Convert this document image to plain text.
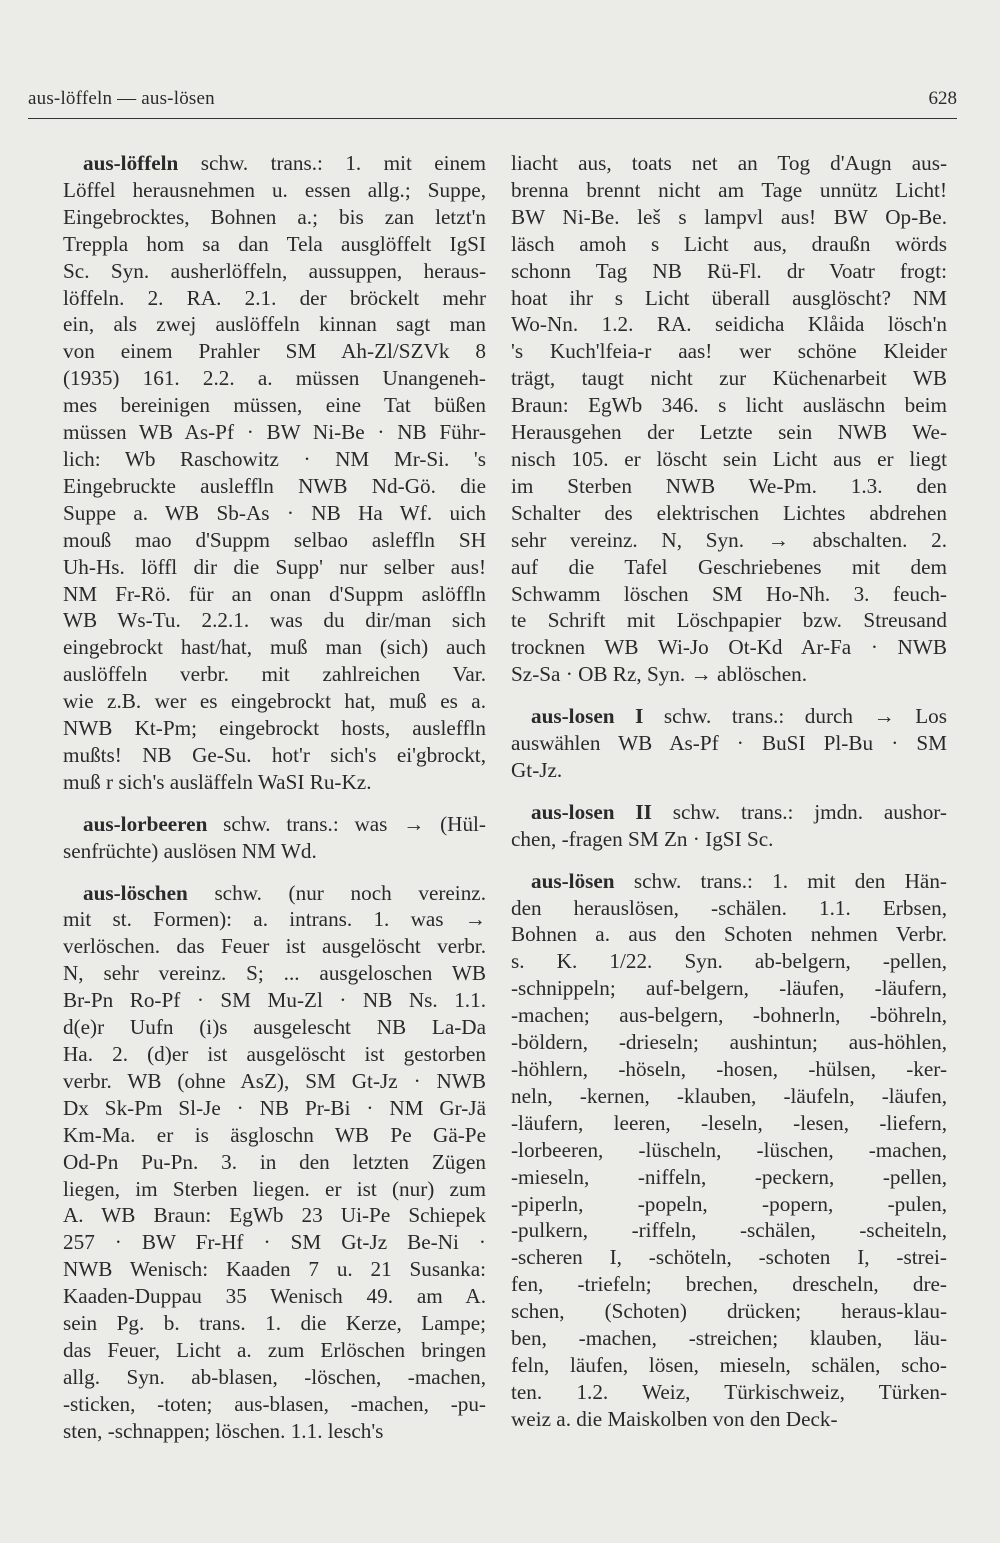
aus-löffeln — aus-lösen	628
aus-löffeln schw. trans.: 1. mit einem
Löffel herausnehmen u. essen allg.; Suppe,
Eingebrocktes, Bohnen a.; bis zan letzt'n
Treppla hom sa dan Tela ausglöffelt IgSI
Sc. Syn. ausherlöffeln, aussuppen, heraus-
löffeln. 2. RA. 2.1. der bröckelt mehr
ein, als zwej auslöffeln kinnan sagt man
von einem Prahler SM Ah-Zl/SZVk 8
(1935) 161. 2.2. a. müssen Unangeneh-
mes bereinigen müssen, eine Tat büßen
müssen WB As-Pf · BW Ni-Be · NB Führ-
lich: Wb Raschowitz · NM Mr-Si. 's
Eingebruckte ausleffln NWB Nd-Gö. die
Suppe a. WB Sb-As · NB Ha Wf. uich
mouß mao d'Suppm selbao asleffln SH
Uh-Hs. löffl dir die Supp' nur selber aus!
NM Fr-Rö. für an onan d'Suppm aslöffln
WB Ws-Tu. 2.2.1. was du dir/man sich
eingebrockt hast/hat, muß man (sich) auch
auslöffeln verbr. mit zahlreichen Var.
wie z.B. wer es eingebrockt hat, muß es a.
NWB Kt-Pm; eingebrockt hosts, ausleffln
mußts! NB Ge-Su. hot'r sich's ei'gbrockt,
muß r sich's ausläffeln WaSI Ru-Kz.
aus-lorbeeren schw. trans.: was → (Hül-
senfrüchte) auslösen NM Wd.
aus-löschen schw. (nur noch vereinz.
mit st. Formen): a. intrans. 1. was →
verlöschen. das Feuer ist ausgelöscht verbr.
N, sehr vereinz. S; ... ausgeloschen WB
Br-Pn Ro-Pf · SM Mu-Zl · NB Ns. 1.1.
d(e)r Uufn (i)s ausgelescht NB La-Da
Ha. 2. (d)er ist ausgelöscht ist gestorben
verbr. WB (ohne AsZ), SM Gt-Jz · NWB
Dx Sk-Pm Sl-Je · NB Pr-Bi · NM Gr-Jä
Km-Ma. er is äsgloschn WB Pe Gä-Pe
Od-Pn Pu-Pn. 3. in den letzten Zügen
liegen, im Sterben liegen. er ist (nur) zum
A. WB Braun: EgWb 23 Ui-Pe Schiepek
257 · BW Fr-Hf · SM Gt-Jz Be-Ni ·
NWB Wenisch: Kaaden 7 u. 21 Susanka:
Kaaden-Duppau 35 Wenisch 49. am A.
sein Pg. b. trans. 1. die Kerze, Lampe;
das Feuer, Licht a. zum Erlöschen bringen
allg. Syn. ab-blasen, -löschen, -machen,
-sticken, -toten; aus-blasen, -machen, -pu-
sten, -schnappen; löschen. 1.1. lesch's
liacht aus, toats net an Tog d'Augn aus-
brenna brennt nicht am Tage unnütz Licht!
BW Ni-Be. leš s lampvl aus! BW Op-Be.
läsch amoh s Licht aus, draußn wörds
schonn Tag NB Rü-Fl. dr Voatr frogt:
hoat ihr s Licht überall ausglöscht? NM
Wo-Nn. 1.2. RA. seidicha Klåida lösch'n
's Kuch'lfeia-r aas! wer schöne Kleider
trägt, taugt nicht zur Küchenarbeit WB
Braun: EgWb 346. s licht ausläschn beim
Herausgehen der Letzte sein NWB We-
nisch 105. er löscht sein Licht aus er liegt
im Sterben NWB We-Pm. 1.3. den
Schalter des elektrischen Lichtes abdrehen
sehr vereinz. N, Syn. → abschalten. 2.
auf die Tafel Geschriebenes mit dem
Schwamm löschen SM Ho-Nh. 3. feuch-
te Schrift mit Löschpapier bzw. Streusand
trocknen WB Wi-Jo Ot-Kd Ar-Fa · NWB
Sz-Sa · OB Rz, Syn. → ablöschen.
aus-losen I schw. trans.: durch → Los
auswählen WB As-Pf · BuSI Pl-Bu · SM
Gt-Jz.
aus-losen II schw. trans.: jmdn. aushor-
chen, -fragen SM Zn · IgSI Sc.
aus-lösen schw. trans.: 1. mit den Hän-
den herauslösen, -schälen. 1.1. Erbsen,
Bohnen a. aus den Schoten nehmen Verbr.
s. K. 1/22. Syn. ab-belgern, -pellen,
-schnippeln; auf-belgern, -läufen, -läufern,
-machen; aus-belgern, -bohnerln, -böhreln,
-böldern, -drieseln; aushintun; aus-höhlen,
-höhlern, -höseln, -hosen, -hülsen, -ker-
neln, -kernen, -klauben, -läufeln, -läufen,
-läufern, leeren, -leseln, -lesen, -liefern,
-lorbeeren, -lüscheln, -lüschen, -machen,
-mieseln, -niffeln, -peckern, -pellen,
-piperln, -popeln, -popern, -pulen,
-pulkern, -riffeln, -schälen, -scheiteln,
-scheren I, -schöteln, -schoten I, -strei-
fen, -triefeln; brechen, drescheln, dre-
schen, (Schoten) drücken; heraus-klau-
ben, -machen, -streichen; klauben, läu-
feln, läufen, lösen, mieseln, schälen, scho-
ten. 1.2. Weiz, Türkischweiz, Türken-
weiz a. die Maiskolben von den Deck-
